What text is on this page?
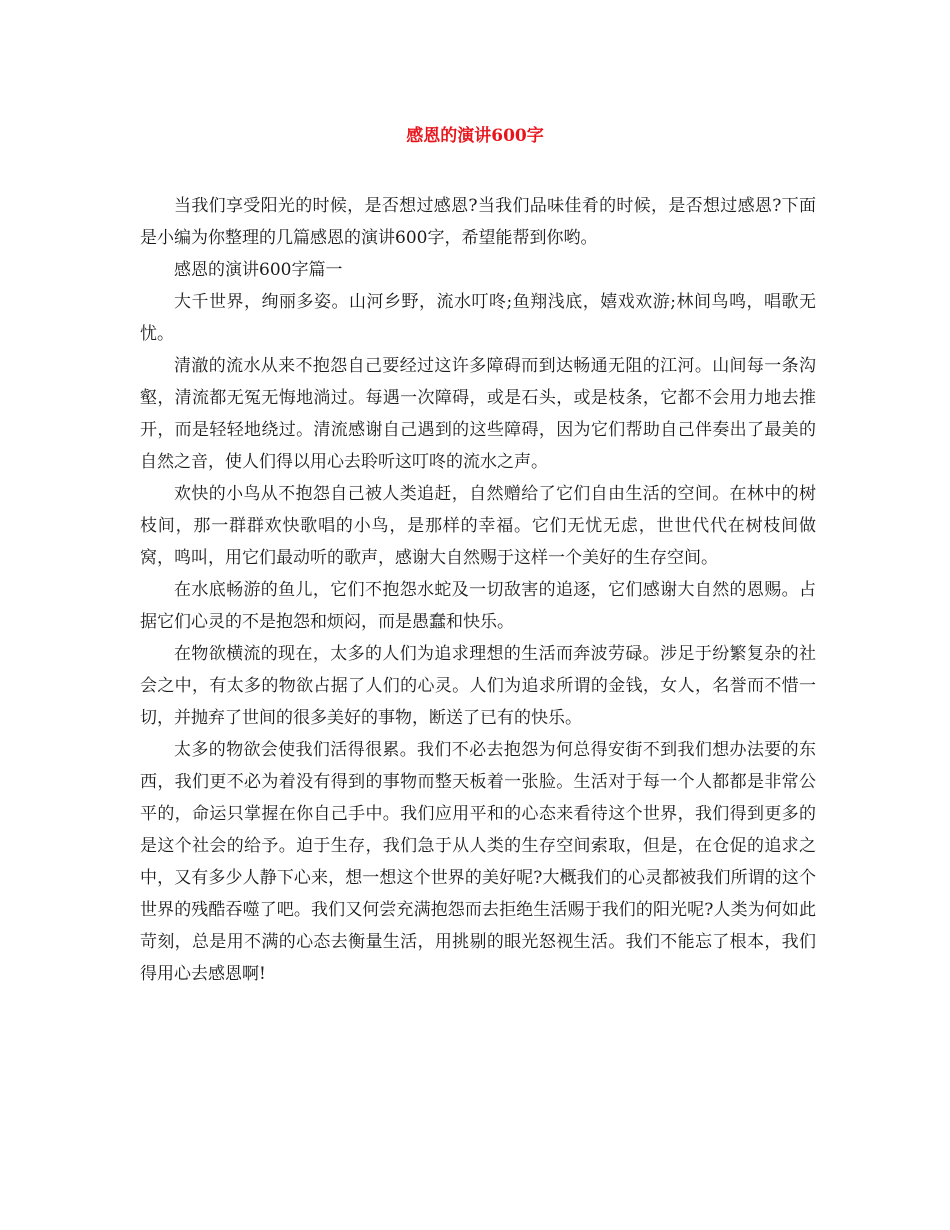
感恩的演讲600字

当我们享受阳光的时候，是否想过感恩?当我们品味佳肴的时候，是否想过感恩?下面是小编为你整理的几篇感恩的演讲600字，希望能帮到你哟。

感恩的演讲600字篇一

大千世界，绚丽多姿。山河乡野，流水叮咚;鱼翔浅底，嬉戏欢游;林间鸟鸣，唱歌无忧。

清澈的流水从来不抱怨自己要经过这许多障碍而到达畅通无阻的江河。山间每一条沟壑，清流都无冤无悔地淌过。每遇一次障碍，或是石头，或是枝条，它都不会用力地去推开，而是轻轻地绕过。清流感谢自己遇到的这些障碍，因为它们帮助自己伴奏出了最美的自然之音，使人们得以用心去聆听这叮咚的流水之声。

欢快的小鸟从不抱怨自己被人类追赶，自然赠给了它们自由生活的空间。在林中的树枝间，那一群群欢快歌唱的小鸟，是那样的幸福。它们无忧无虑，世世代代在树枝间做窝，鸣叫，用它们最动听的歌声，感谢大自然赐于这样一个美好的生存空间。

在水底畅游的鱼儿，它们不抱怨水蛇及一切敌害的追逐，它们感谢大自然的恩赐。占据它们心灵的不是抱怨和烦闷，而是愚蠢和快乐。

在物欲横流的现在，太多的人们为追求理想的生活而奔波劳碌。涉足于纷繁复杂的社会之中，有太多的物欲占据了人们的心灵。人们为追求所谓的金钱，女人，名誉而不惜一切，并抛弃了世间的很多美好的事物，断送了已有的快乐。

太多的物欲会使我们活得很累。我们不必去抱怨为何总得安街不到我们想办法要的东西，我们更不必为着没有得到的事物而整天板着一张脸。生活对于每一个人都都是非常公平的，命运只掌握在你自己手中。我们应用平和的心态来看待这个世界，我们得到更多的是这个社会的给予。迫于生存，我们急于从人类的生存空间索取，但是，在仓促的追求之中，又有多少人静下心来，想一想这个世界的美好呢?大概我们的心灵都被我们所谓的这个世界的残酷吞噬了吧。我们又何尝充满抱怨而去拒绝生活赐于我们的阳光呢?人类为何如此苛刻，总是用不满的心态去衡量生活，用挑剔的眼光怒视生活。我们不能忘了根本，我们得用心去感恩啊!
